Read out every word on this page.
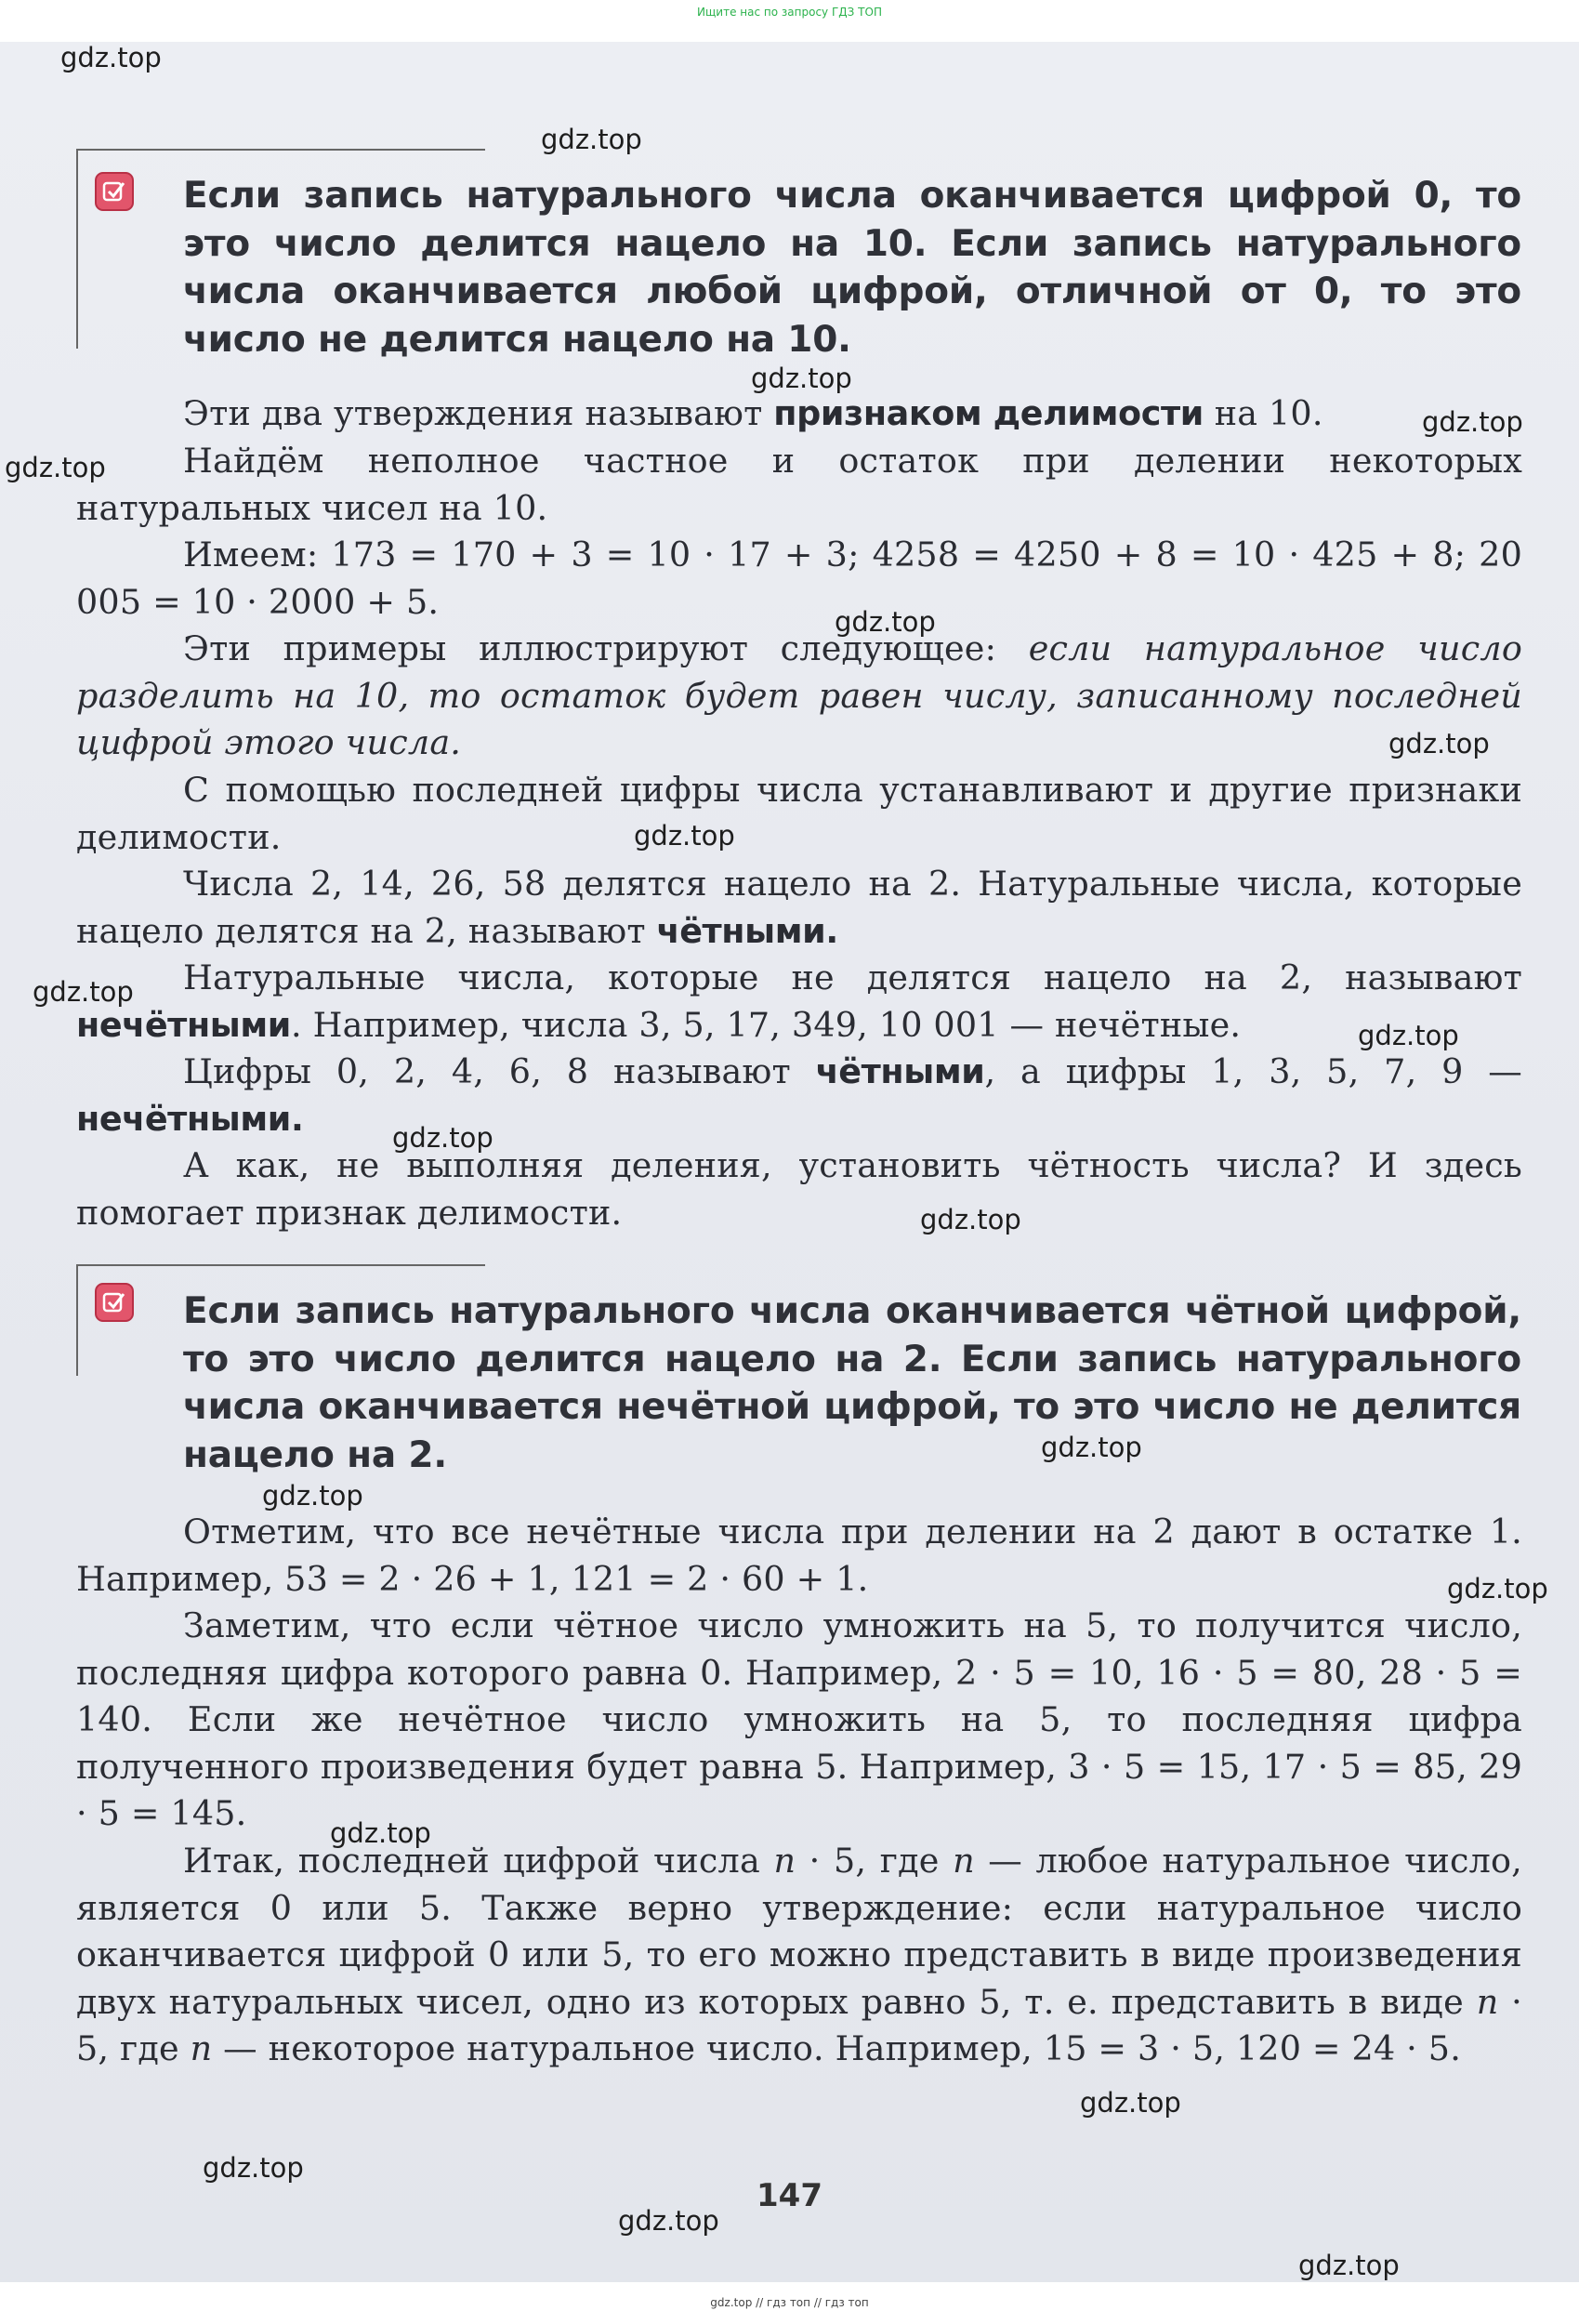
Ищите нас по запросу ГДЗ ТОП
Если запись натурального числа оканчивается цифрой 0, то это число делится нацело на 10. Если запись натурального числа оканчивается любой цифрой, отличной от 0, то это число не делится нацело на 10.

Эти два утверждения называют признаком делимости на 10.

Найдём неполное частное и остаток при делении некоторых натуральных чисел на 10.

Имеем: 173 = 170 + 3 = 10 · 17 + 3; 4258 = 4250 + 8 = 10 · 425 + 8; 20 005 = 10 · 2000 + 5.

Эти примеры иллюстрируют следующее: если натуральное число разделить на 10, то остаток будет равен числу, записанному последней цифрой этого числа.

С помощью последней цифры числа устанавливают и другие признаки делимости.

Числа 2, 14, 26, 58 делятся нацело на 2. Натуральные числа, которые нацело делятся на 2, называют чётными.

Натуральные числа, которые не делятся нацело на 2, называют нечётными. Например, числа 3, 5, 17, 349, 10 001 — нечётные.

Цифры 0, 2, 4, 6, 8 называют чётными, а цифры 1, 3, 5, 7, 9 — нечётными.

А как, не выполняя деления, установить чётность числа? И здесь помогает признак делимости.

Если запись натурального числа оканчивается чётной цифрой, то это число делится нацело на 2. Если запись натурального числа оканчивается нечётной цифрой, то это число не делится нацело на 2.

Отметим, что все нечётные числа при делении на 2 дают в остатке 1. Например, 53 = 2 · 26 + 1, 121 = 2 · 60 + 1.

Заметим, что если чётное число умножить на 5, то получится число, последняя цифра которого равна 0. Например, 2 · 5 = 10, 16 · 5 = 80, 28 · 5 = 140. Если же нечётное число умножить на 5, то последняя цифра полученного произведения будет равна 5. Например, 3 · 5 = 15, 17 · 5 = 85, 29 · 5 = 145.

Итак, последней цифрой числа n · 5, где n — любое натуральное число, является 0 или 5. Также верно утверждение: если натуральное число оканчивается цифрой 0 или 5, то его можно представить в виде произведения двух натуральных чисел, одно из которых равно 5, т. е. представить в виде n · 5, где n — некоторое натуральное число. Например, 15 = 3 · 5, 120 = 24 · 5.

147
gdz.top
gdz.top
gdz.top
gdz.top
gdz.top
gdz.top
gdz.top
gdz.top
gdz.top
gdz.top
gdz.top
gdz.top
gdz.top
gdz.top
gdz.top
gdz.top
gdz.top
gdz.top
gdz.top
gdz.top
gdz.top // гдз топ // гдз топ
